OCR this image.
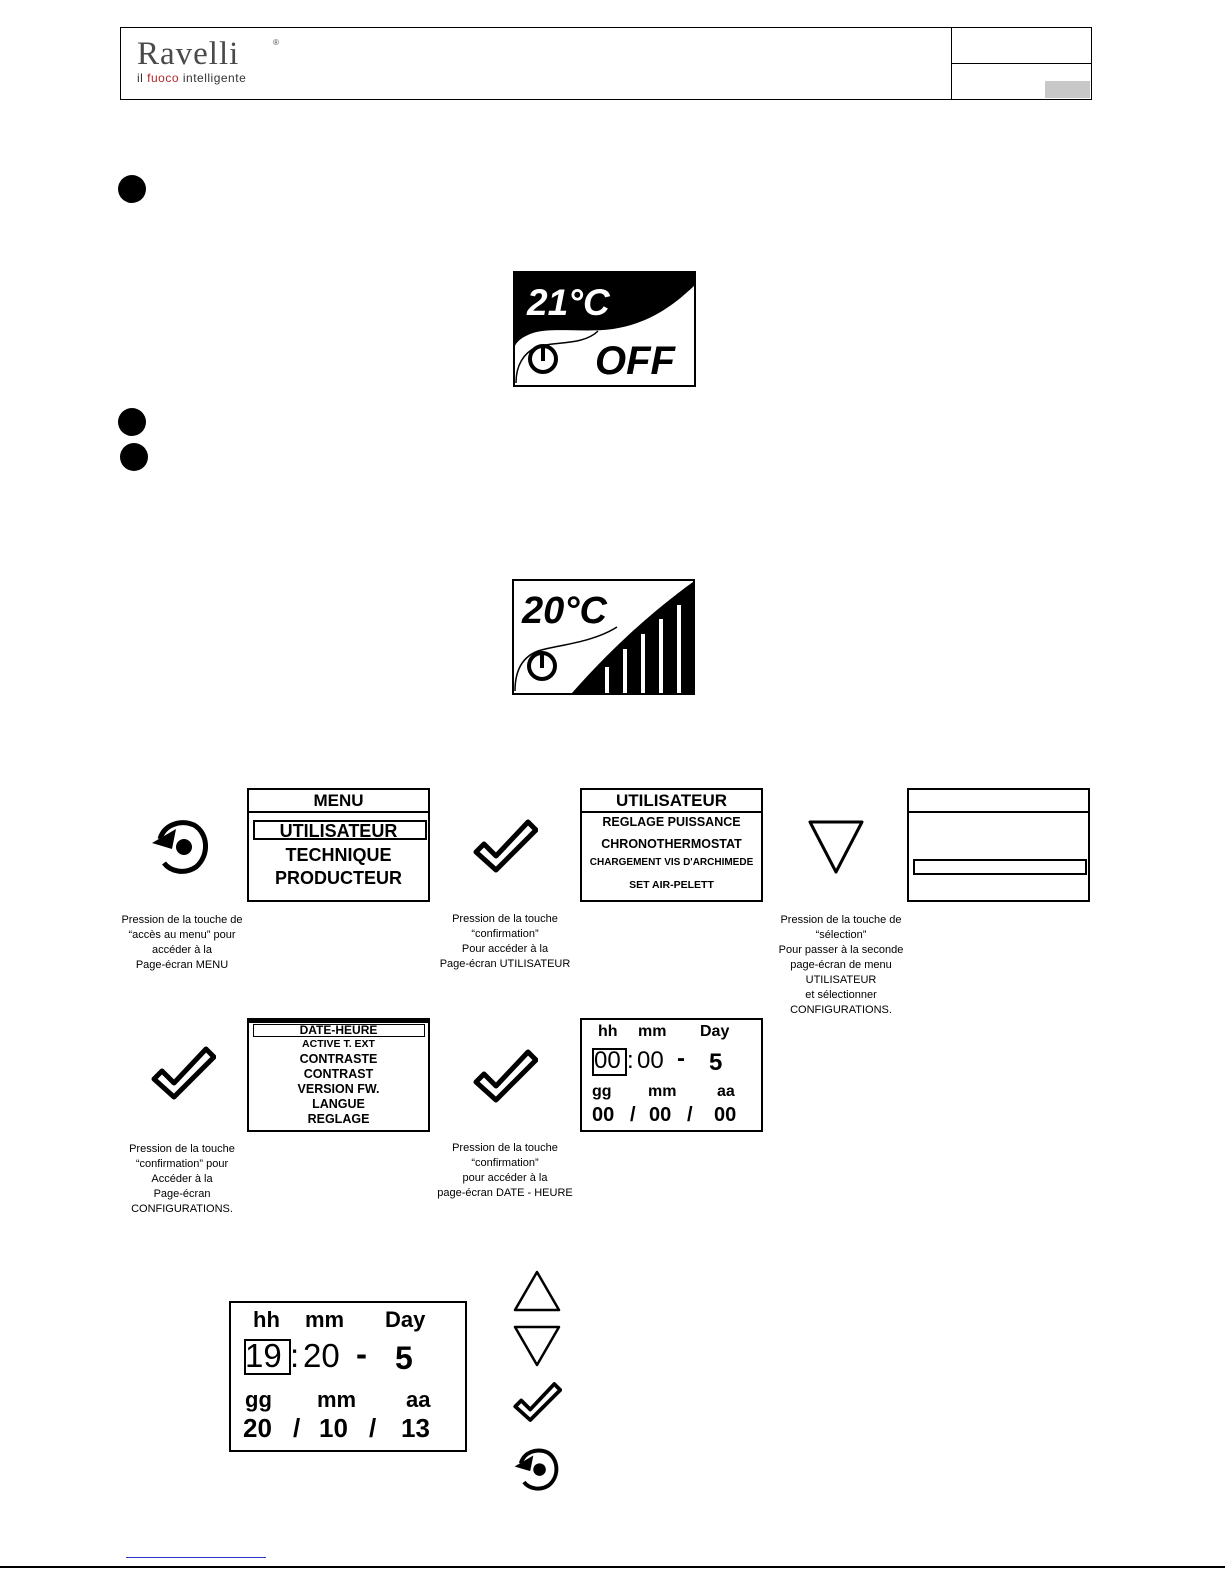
Ravelli	®
il fuoco intelligente
21°C
OFF
20°C
MENU
UTILISATEUR
TECHNIQUE
PRODUCTEUR
UTILISATEUR
REGLAGE PUISSANCE
CHRONOTHERMOSTAT
CHARGEMENT VIS D'ARCHIMEDE
SET AIR-PELETT
Pression de la touche de
“accès au menu” pour
accéder à la
Page-écran MENU
Pression de la touche
“confirmation”
Pour accéder à la
Page-écran UTILISATEUR
Pression de la touche de
“sélection”
Pour passer à la seconde
page-écran de menu
UTILISATEUR
et sélectionner
CONFIGURATIONS.
DATE-HEURE
ACTIVE T. EXT
CONTRASTE
CONTRAST
VERSION FW.
LANGUE
REGLAGE
hh mm Day
00 : 00 - 5
gg mm	aa
00 / 00 / 00
Pression de la touche
“confirmation” pour
Accéder à la
Page-écran
CONFIGURATIONS.
Pression de la touche
“confirmation”
pour accéder à la
page-écran DATE - HEURE
hh mm Day
19 : 20 - 5
gg mm aa
20 / 10 / 13
